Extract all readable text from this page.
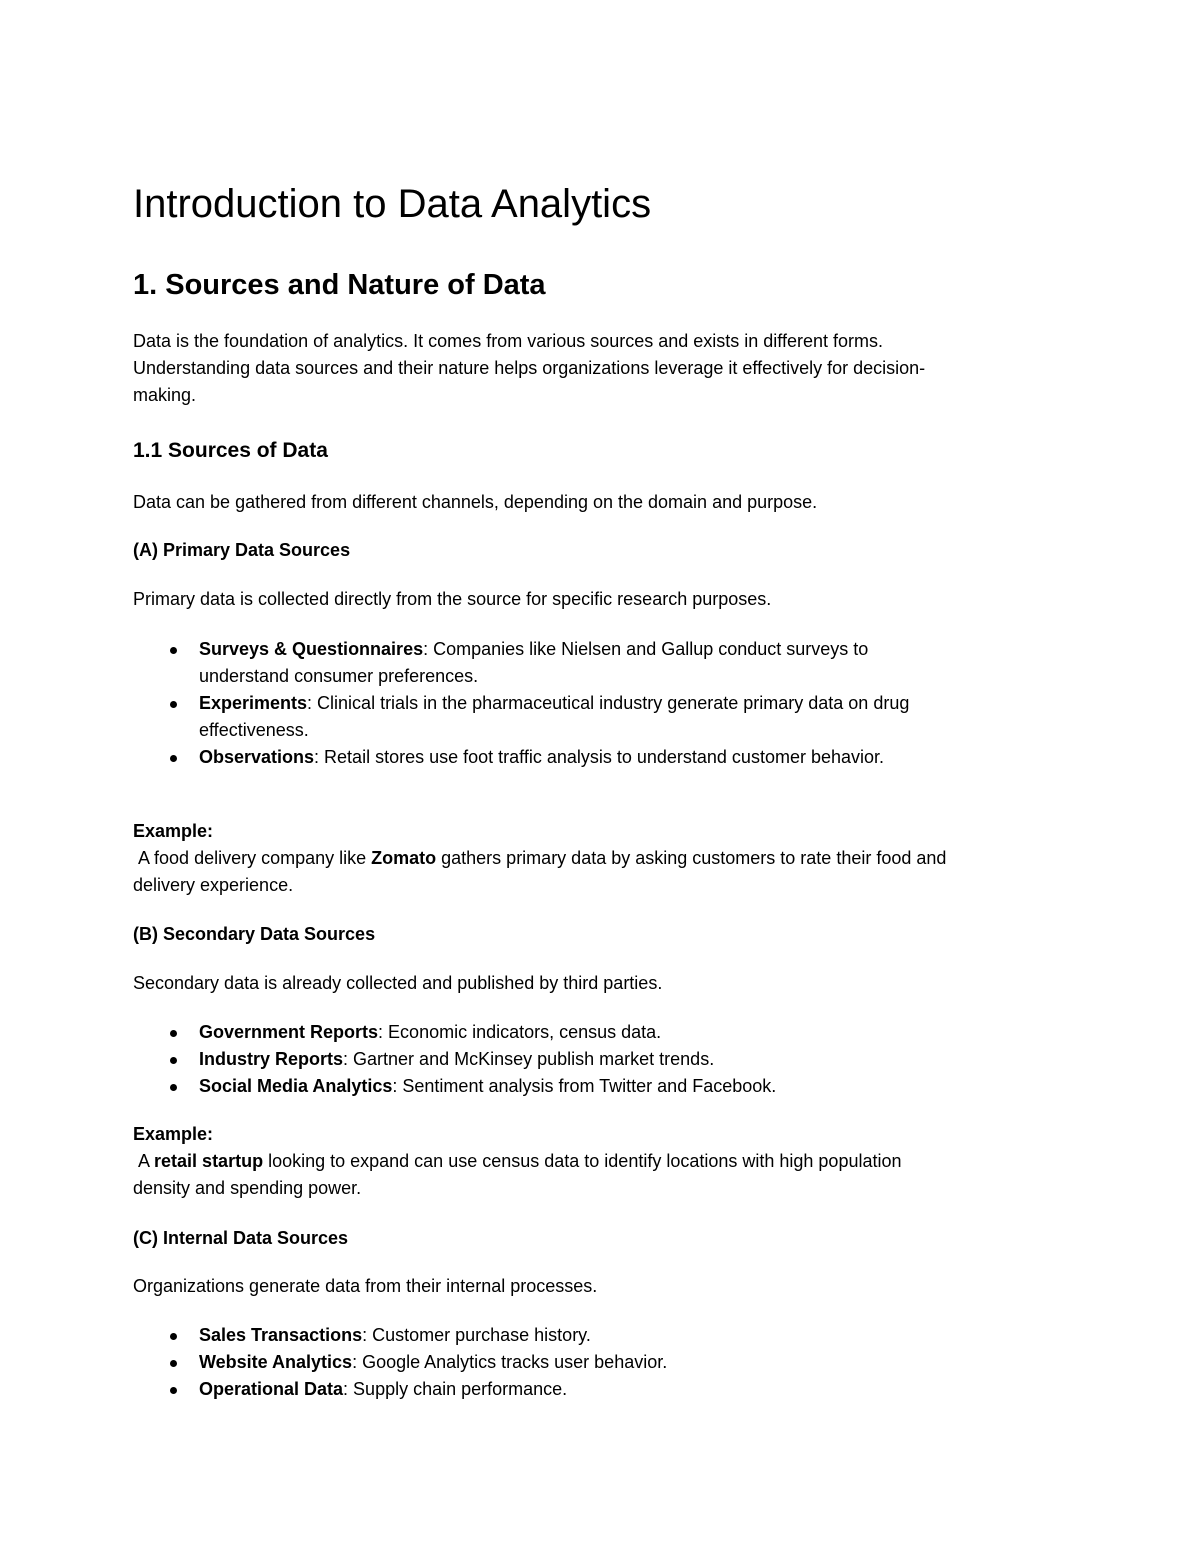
Introduction to Data Analytics
1. Sources and Nature of Data

Data is the foundation of analytics. It comes from various sources and exists in different forms. Understanding data sources and their nature helps organizations leverage it effectively for decision-making.

1.1 Sources of Data

Data can be gathered from different channels, depending on the domain and purpose.

(A) Primary Data Sources

Primary data is collected directly from the source for specific research purposes.

Surveys & Questionnaires: Companies like Nielsen and Gallup conduct surveys to understand consumer preferences.
Experiments: Clinical trials in the pharmaceutical industry generate primary data on drug effectiveness.
Observations: Retail stores use foot traffic analysis to understand customer behavior.

Example:

A food delivery company like Zomato gathers primary data by asking customers to rate their food and delivery experience.

(B) Secondary Data Sources

Secondary data is already collected and published by third parties.

Government Reports: Economic indicators, census data.
Industry Reports: Gartner and McKinsey publish market trends.
Social Media Analytics: Sentiment analysis from Twitter and Facebook.

Example:

A retail startup looking to expand can use census data to identify locations with high population density and spending power.

(C) Internal Data Sources

Organizations generate data from their internal processes.

Sales Transactions: Customer purchase history.
Website Analytics: Google Analytics tracks user behavior.
Operational Data: Supply chain performance.
